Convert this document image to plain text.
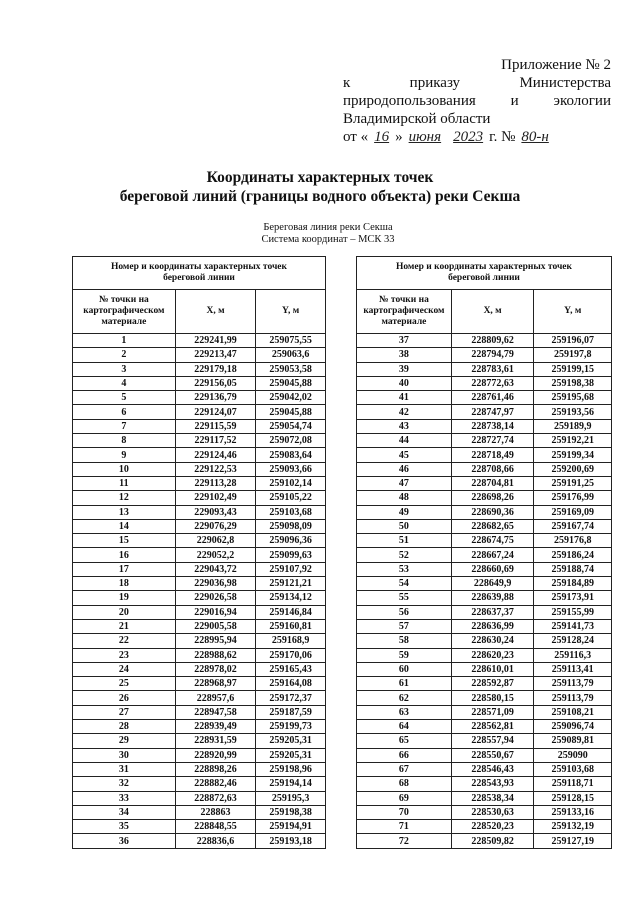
Приложение № 2
к	приказу	Министерства
природопользования и экологии
Владимирской области
от « 16 » июня 2023 г. № 80-н
Координаты характерных точек
береговой линий (границы водного объекта) реки Секша
Береговая линия реки Секша
Система координат – МСК 33
Номер и координаты характерных точек береговой линии		
№ точки на картографическом материале	X, м	Y, м
1	229241,99	259075,55
2	229213,47	259063,6
3	229179,18	259053,58
4	229156,05	259045,88
5	229136,79	259042,02
6	229124,07	259045,88
7	229115,59	259054,74
8	229117,52	259072,08
9	229124,46	259083,64
10	229122,53	259093,66
11	229113,28	259102,14
12	229102,49	259105,22
13	229093,43	259103,68
14	229076,29	259098,09
15	229062,8	259096,36
16	229052,2	259099,63
17	229043,72	259107,92
18	229036,98	259121,21
19	229026,58	259134,12
20	229016,94	259146,84
21	229005,58	259160,81
22	228995,94	259168,9
23	228988,62	259170,06
24	228978,02	259165,43
25	228968,97	259164,08
26	228957,6	259172,37
27	228947,58	259187,59
28	228939,49	259199,73
29	228931,59	259205,31
30	228920,99	259205,31
31	228898,26	259198,96
32	228882,46	259194,14
33	228872,63	259195,3
34	228863	259198,38
35	228848,55	259194,91
36	228836,6	259193,18
Номер и координаты характерных точек береговой линии		
№ точки на картографическом материале	X, м	Y, м
37	228809,62	259196,07
38	228794,79	259197,8
39	228783,61	259199,15
40	228772,63	259198,38
41	228761,46	259195,68
42	228747,97	259193,56
43	228738,14	259189,9
44	228727,74	259192,21
45	228718,49	259199,34
46	228708,66	259200,69
47	228704,81	259191,25
48	228698,26	259176,99
49	228690,36	259169,09
50	228682,65	259167,74
51	228674,75	259176,8
52	228667,24	259186,24
53	228660,69	259188,74
54	228649,9	259184,89
55	228639,88	259173,91
56	228637,37	259155,99
57	228636,99	259141,73
58	228630,24	259128,24
59	228620,23	259116,3
60	228610,01	259113,41
61	228592,87	259113,79
62	228580,15	259113,79
63	228571,09	259108,21
64	228562,81	259096,74
65	228557,94	259089,81
66	228550,67	259090
67	228546,43	259103,68
68	228543,93	259118,71
69	228538,34	259128,15
70	228530,63	259133,16
71	228520,23	259132,19
72	228509,82	259127,19
